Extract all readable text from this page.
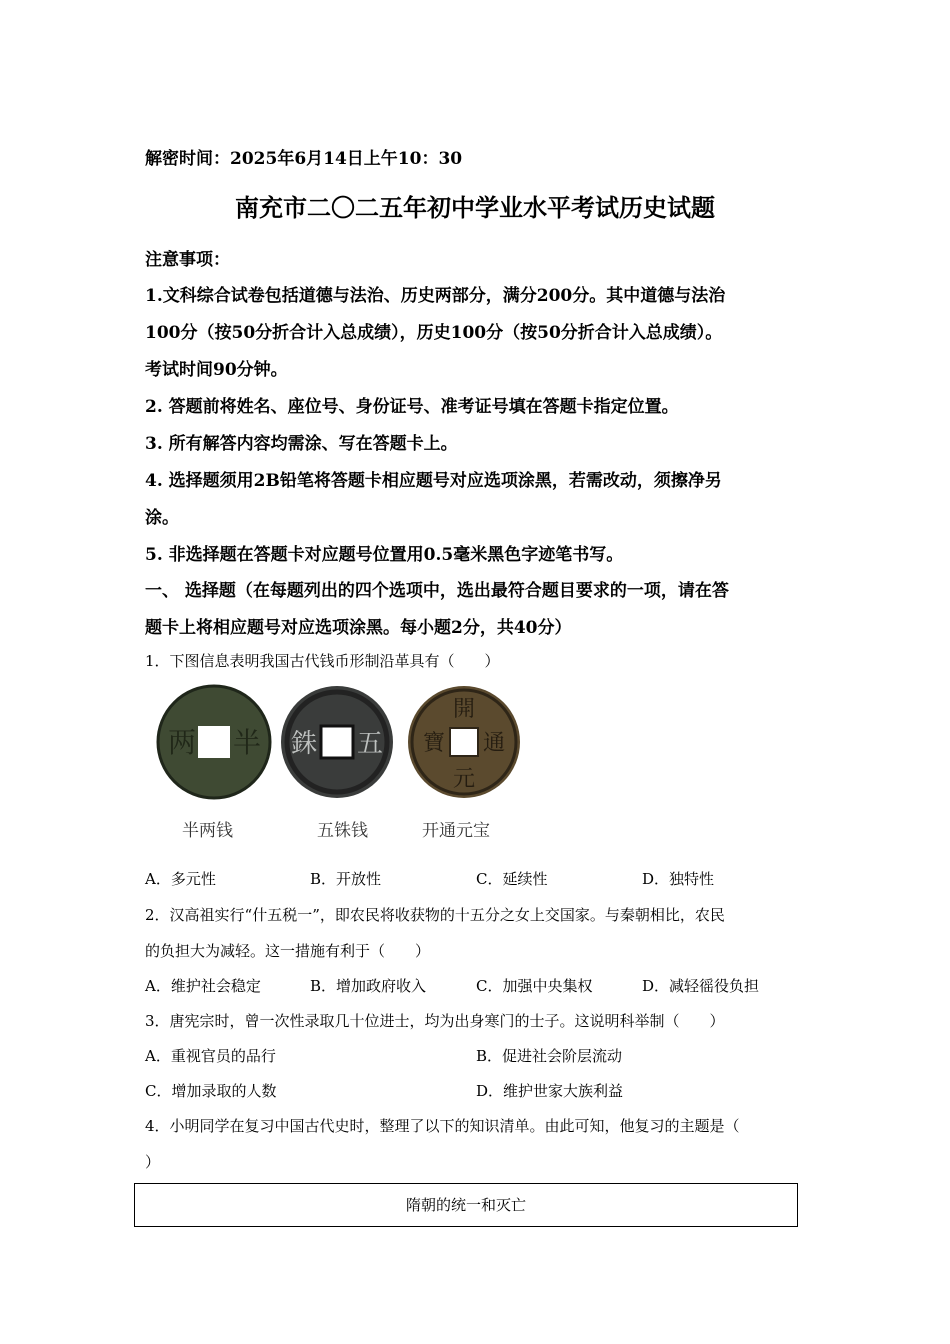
解密时间：2025年6月14日上午10：30
南充市二〇二五年初中学业水平考试历史试题
注意事项：
1.文科综合试卷包括道德与法治、历史两部分，满分200分。其中道德与法治
100分（按50分折合计入总成绩），历史100分（按50分折合计入总成绩）。
考试时间90分钟。
2. 答题前将姓名、座位号、身份证号、准考证号填在答题卡指定位置。
3. 所有解答内容均需涂、写在答题卡上。
4. 选择题须用2B铅笔将答题卡相应题号对应选项涂黑，若需改动，须擦净另
涂。
5. 非选择题在答题卡对应题号位置用0.5毫米黑色字迹笔书写。
一、 选择题（在每题列出的四个选项中，选出最符合题目要求的一项，请在答
题卡上将相应题号对应选项涂黑。每小题2分，共40分）
1．下图信息表明我国古代钱币形制沿革具有（　　）
两 半 銖 五
開
通
元
寶
半两钱	五铢钱	开通元宝
A．多元性	B．开放性	C．延续性	D．独特性
2．汉高祖实行“什五税一”，即农民将收获物的十五分之女上交国家。与秦朝相比，农民
的负担大为减轻。这一措施有利于（　　）
A．维护社会稳定	B．增加政府收入	C．加强中央集权	D．减轻徭役负担
3．唐宪宗时，曾一次性录取几十位进士，均为出身寒门的士子。这说明科举制（　　）
A．重视官员的品行	B．促进社会阶层流动
C．增加录取的人数	D．维护世家大族利益
4．小明同学在复习中国古代史时，整理了以下的知识清单。由此可知，他复习的主题是（
）
隋朝的统一和灭亡
